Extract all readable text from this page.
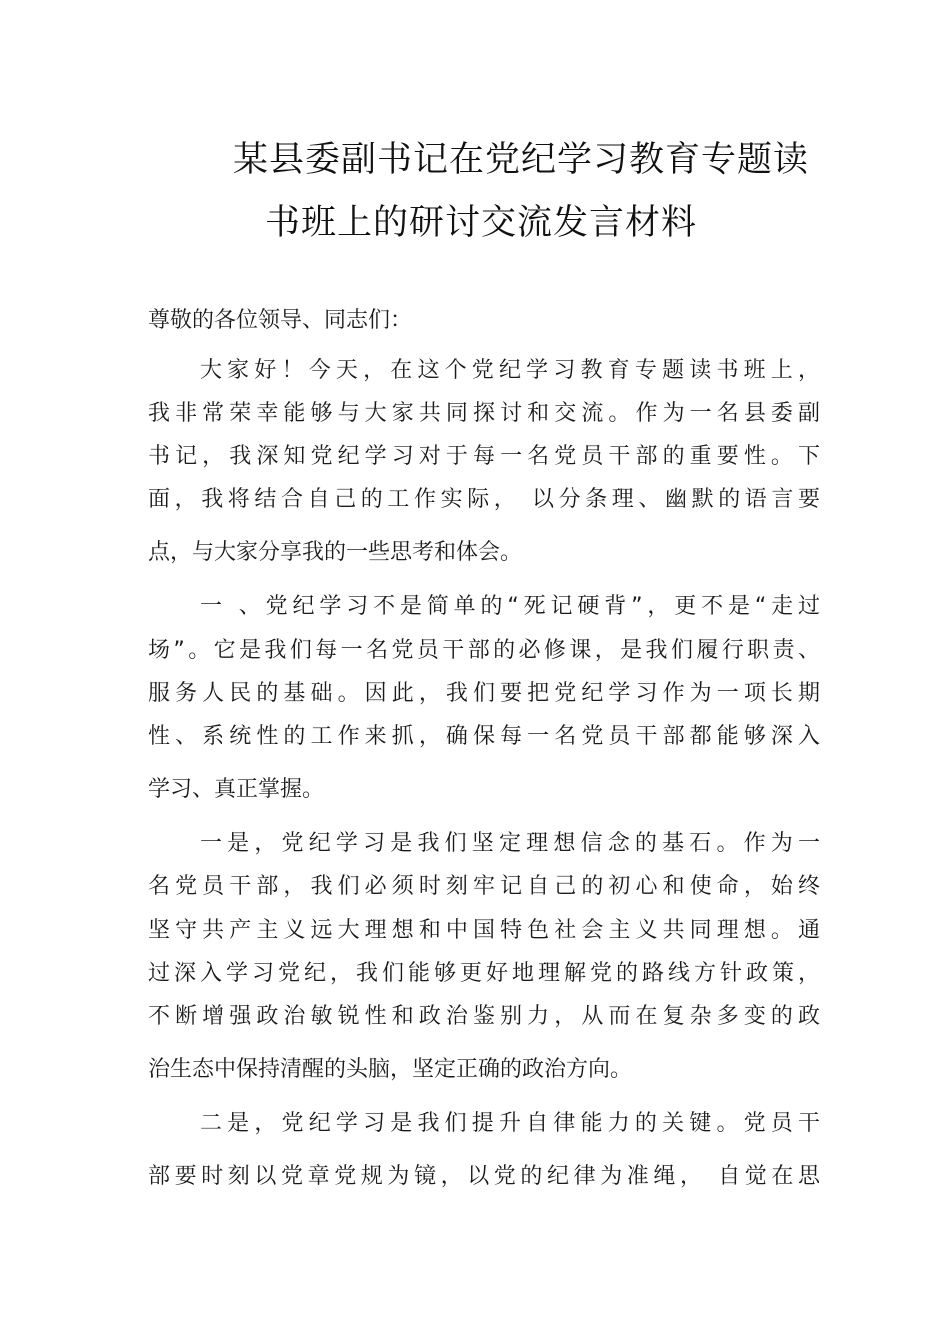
某县委副书记在党纪学习教育专题读
书班上的研讨交流发言材料
尊敬的各位领导、同志们：
大家好！今天，在这个党纪学习教育专题读书班上，
我非常荣幸能够与大家共同探讨和交流。作为一名县委副
书记，我深知党纪学习对于每一名党员干部的重要性。下
面，我将结合自己的工作实际， 以分条理、幽默的语言要
点，与大家分享我的一些思考和体会。
一 、党纪学习不是简单的“死记硬背”，更不是“走过
场”。它是我们每一名党员干部的必修课，是我们履行职责、
服务人民的基础。因此，我们要把党纪学习作为一项长期
性、系统性的工作来抓，确保每一名党员干部都能够深入
学习、真正掌握。
一是，党纪学习是我们坚定理想信念的基石。作为一
名党员干部，我们必须时刻牢记自己的初心和使命，始终
坚守共产主义远大理想和中国特色社会主义共同理想。通
过深入学习党纪，我们能够更好地理解党的路线方针政策，
不断增强政治敏锐性和政治鉴别力，从而在复杂多变的政
治生态中保持清醒的头脑，坚定正确的政治方向。
二是，党纪学习是我们提升自律能力的关键。党员干
部要时刻以党章党规为镜，以党的纪律为准绳， 自觉在思
